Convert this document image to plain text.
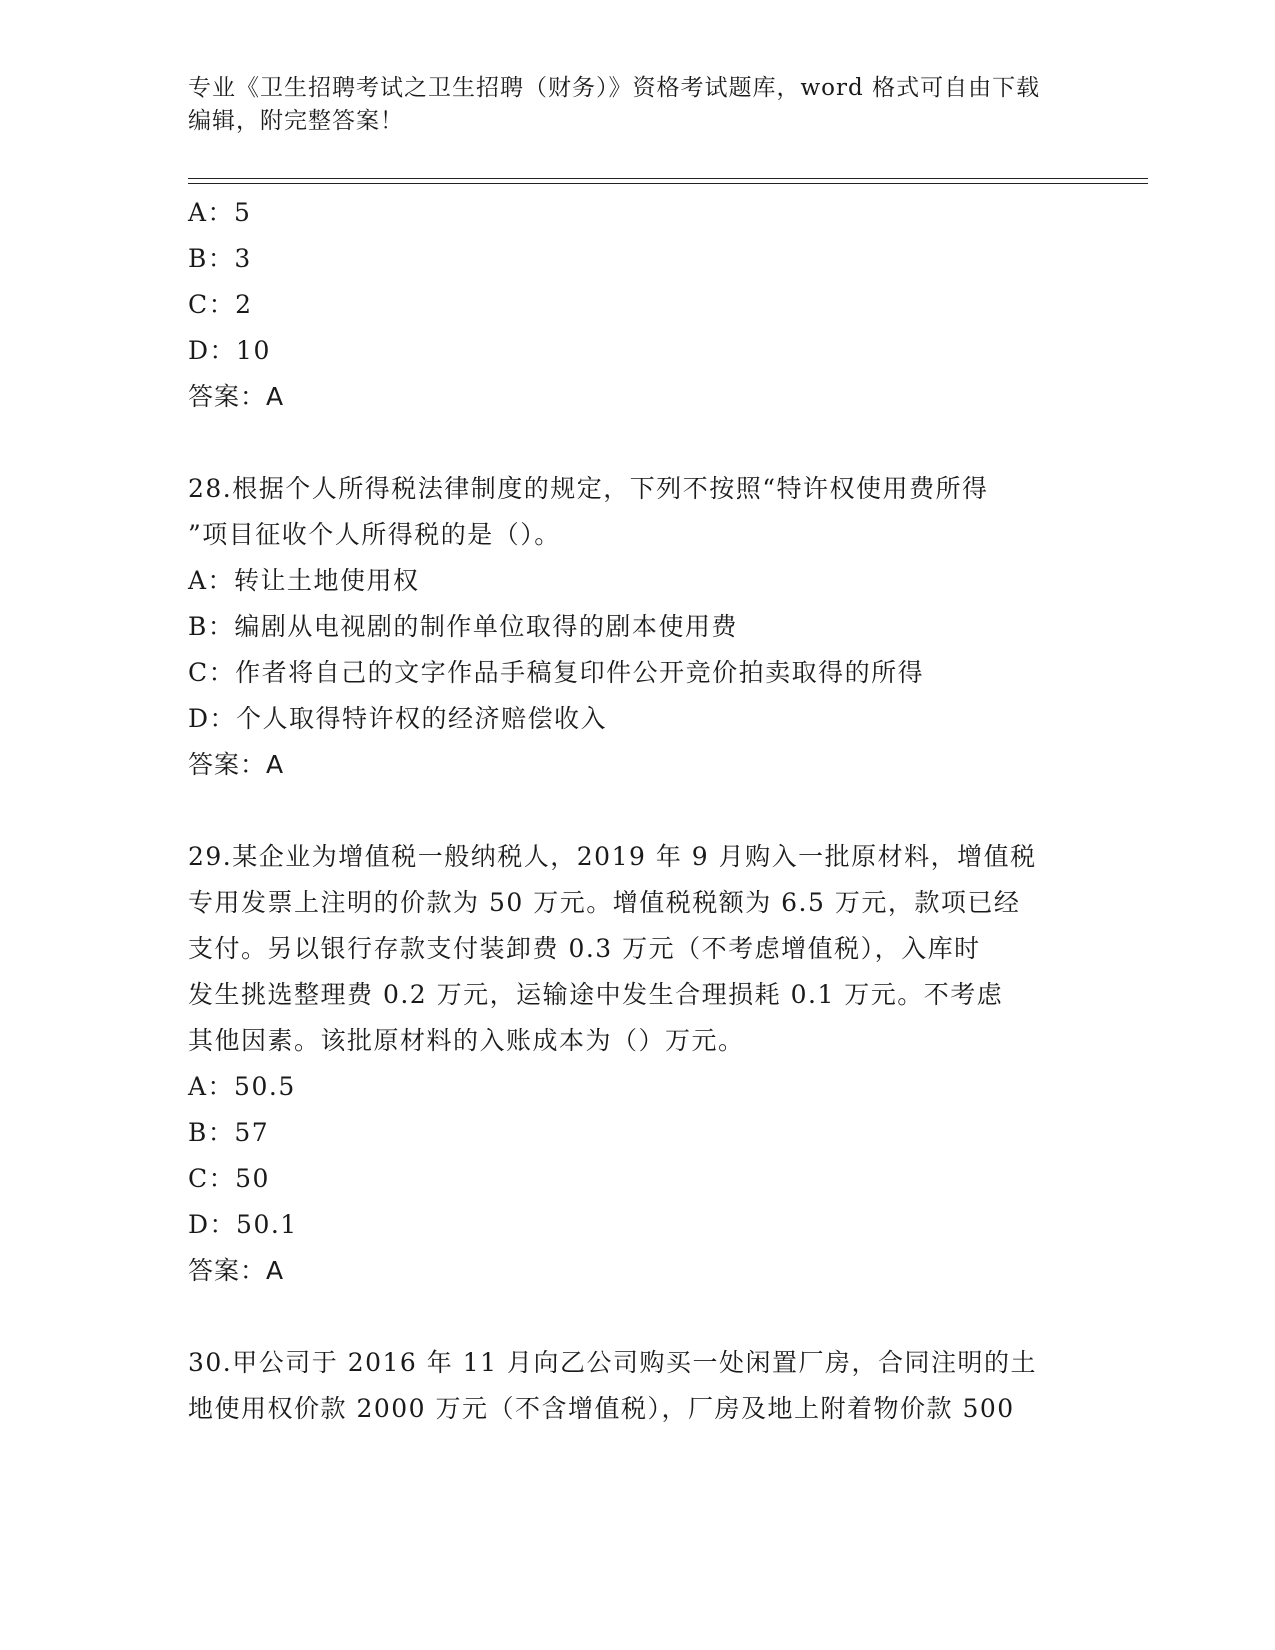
专业《卫生招聘考试之卫生招聘（财务）》资格考试题库，word 格式可自由下载
编辑，附完整答案！
A：5
B：3
C：2
D：10
答案：A
28.根据个人所得税法律制度的规定，下列不按照“特许权使用费所得
”项目征收个人所得税的是（）。
A：转让土地使用权
B：编剧从电视剧的制作单位取得的剧本使用费
C：作者将自己的文字作品手稿复印件公开竞价拍卖取得的所得
D：个人取得特许权的经济赔偿收入
答案：A
29.某企业为增值税一般纳税人，2019 年 9 月购入一批原材料，增值税
专用发票上注明的价款为 50 万元。增值税税额为 6.5 万元，款项已经
支付。另以银行存款支付装卸费 0.3 万元（不考虑增值税），入库时
发生挑选整理费 0.2 万元，运输途中发生合理损耗 0.1 万元。不考虑
其他因素。该批原材料的入账成本为（）万元。
A：50.5
B：57
C：50
D：50.1
答案：A
30.甲公司于 2016 年 11 月向乙公司购买一处闲置厂房，合同注明的土
地使用权价款 2000 万元（不含增值税），厂房及地上附着物价款 500
